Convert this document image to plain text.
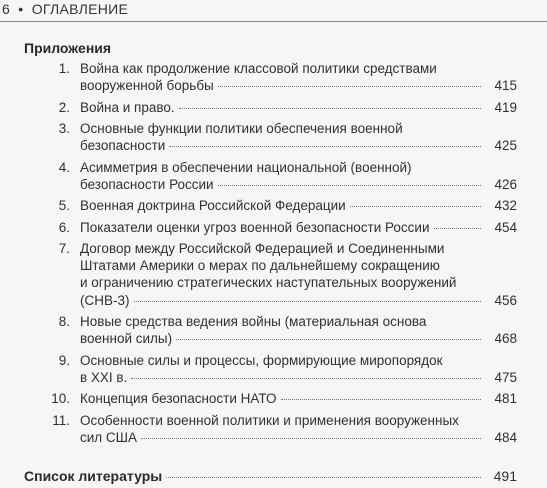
6 • ОГЛАВЛЕНИЕ
Приложения
1. Война как продолжение классовой политики средствами
вооруженной борьбы	415
2. Война и право.	419
3. Основные функции политики обеспечения военной
безопасности	425
4. Асимметрия в обеспечении национальной (военной)
безопасности России	426
5. Военная доктрина Российской Федерации	432
6. Показатели оценки угроз военной безопасности России	454
7. Договор между Российской Федерацией и Соединенными
Штатами Америки о мерах по дальнейшему сокращению
и ограничению стратегических наступательных вооружений
(СНВ-3)	456
8. Новые средства ведения войны (материальная основа
военной силы)	468
9. Основные силы и процессы, формирующие миропорядок
в XXI в.	475
10. Концепция безопасности НАТО	481
11. Особенности военной политики и применения вооруженных
сил США	484
Список литературы	491
